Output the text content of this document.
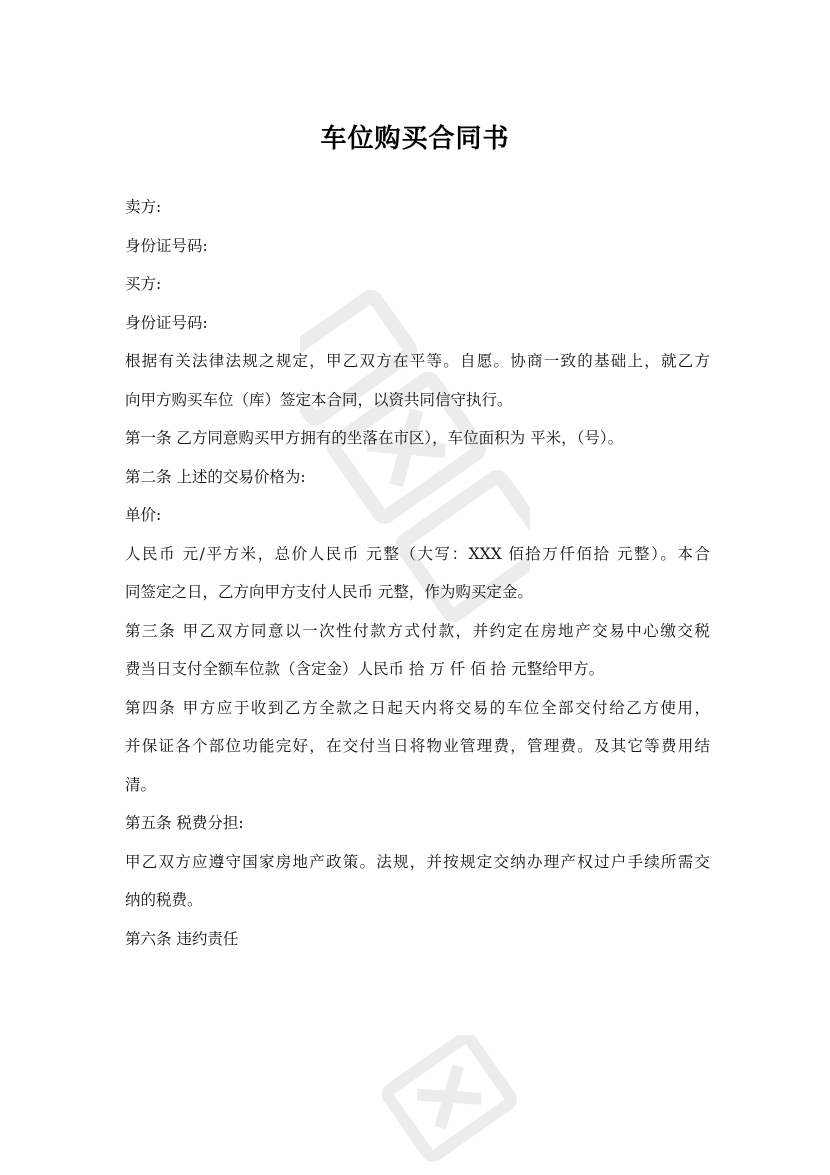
车位购买合同书
卖方:
身份证号码:
买方:
身份证号码:
根据有关法律法规之规定，甲乙双方在平等。自愿。协商一致的基础上，就乙方
向甲方购买车位（库）签定本合同，以资共同信守执行。
第一条 乙方同意购买甲方拥有的坐落在市区），车位面积为 平米，（号）。
第二条 上述的交易价格为:
单价:
人民币 元/平方米，总价人民币 元整（大写：XXX 佰拾万仟佰拾 元整）。本合
同签定之日，乙方向甲方支付人民币 元整，作为购买定金。
第三条 甲乙双方同意以一次性付款方式付款，并约定在房地产交易中心缴交税
费当日支付全额车位款（含定金）人民币 拾 万 仟 佰 拾 元整给甲方。
第四条 甲方应于收到乙方全款之日起天内将交易的车位全部交付给乙方使用，
并保证各个部位功能完好，在交付当日将物业管理费，管理费。及其它等费用结
清。
第五条 税费分担:
甲乙双方应遵守国家房地产政策。法规，并按规定交纳办理产权过户手续所需交
纳的税费。
第六条 违约责任
